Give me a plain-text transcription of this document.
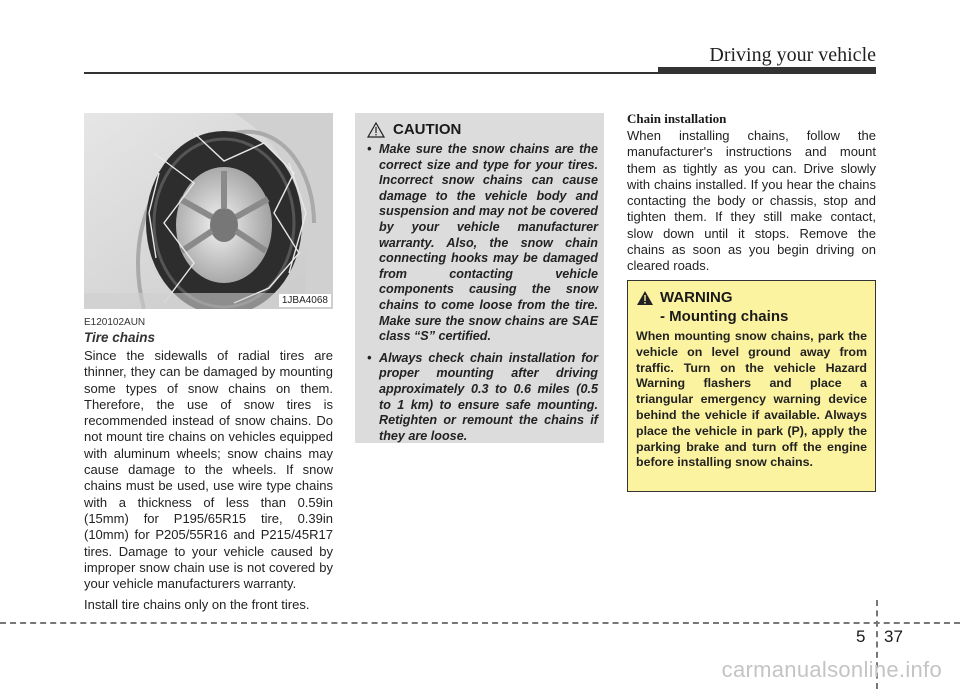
Driving your vehicle
1JBA4068
E120102AUN
Tire chains

Since the sidewalls of radial tires are thinner, they can be damaged by mounting some types of snow chains on them. Therefore, the use of snow tires is recommended instead of snow chains. Do not mount tire chains on vehicles equipped with aluminum wheels; snow chains may cause damage to the wheels. If snow chains must be used, use wire type chains with a thickness of less than 0.59in (15mm) for P195/65R15 tire, 0.39in (10mm) for P205/55R16 and P215/45R17 tires. Damage to your vehicle caused by improper snow chain use is not covered by your vehicle manufacturers warranty.

Install tire chains only on the front tires.

CAUTION
• Make sure the snow chains are the correct size and type for your tires. Incorrect snow chains can cause damage to the vehicle body and suspension and may not be covered by your vehicle manufacturer warranty. Also, the snow chain connecting hooks may be damaged from contacting vehicle components causing the snow chains to come loose from the tire. Make sure the snow chains are SAE class “S” certified.
• Always check chain installation for proper mounting after driving approximately 0.3 to 0.6 miles (0.5 to 1 km) to ensure safe mounting. Retighten or remount the chains if they are loose.
Chain installation
When installing chains, follow the manufacturer's instructions and mount them as tightly as you can. Drive slowly with chains installed. If you hear the chains contacting the body or chassis, stop and tighten them. If they still make contact, slow down until it stops. Remove the chains as soon as you begin driving on cleared roads.
WARNING
- Mounting chains
When mounting snow chains, park the vehicle on level ground away from traffic. Turn on the vehicle Hazard Warning flashers and place a triangular emergency warning device behind the vehicle if available. Always place the vehicle in park (P), apply the parking brake and turn off the engine before installing snow chains.
5 37
carmanualsonline.info
